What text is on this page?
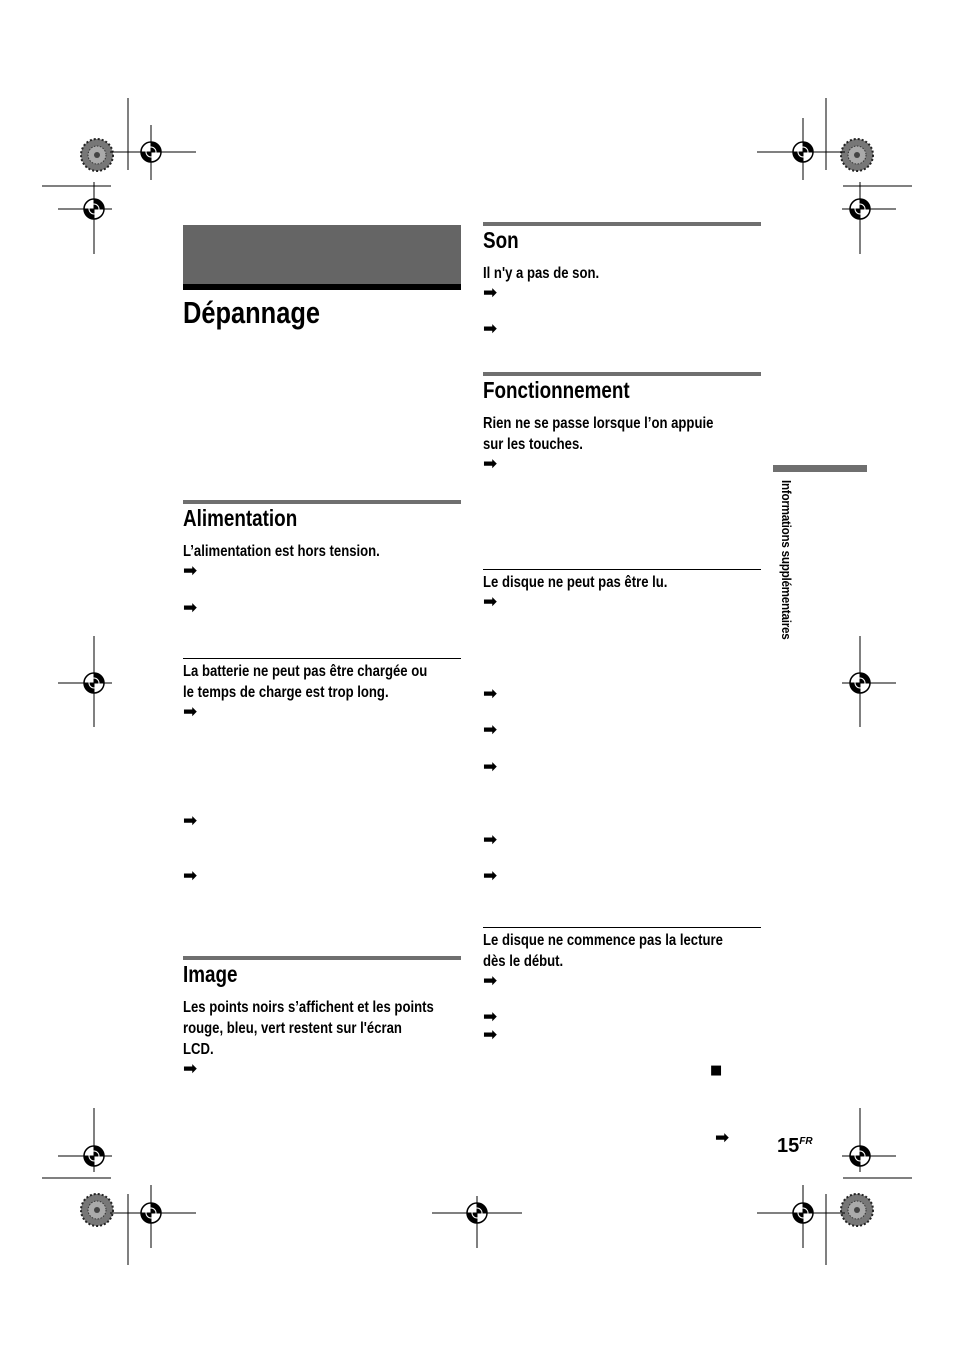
Dépannage
Alimentation
L’alimentation est hors tension.
➡
➡
La batterie ne peut pas être chargée ou
le temps de charge est trop long.
➡
➡
➡
Image
Les points noirs s’affichent et les points
rouge, bleu, vert restent sur l'écran
LCD.
➡
Son
Il n'y a pas de son.
➡
➡
Fonctionnement
Rien ne se passe lorsque l’on appuie
sur les touches.
➡
Le disque ne peut pas être lu.
➡
➡
➡
➡
➡
➡
Le disque ne commence pas la lecture
dès le début.
➡
➡
➡
■
Informations supplémentaires
➡ $15^{FR}$
